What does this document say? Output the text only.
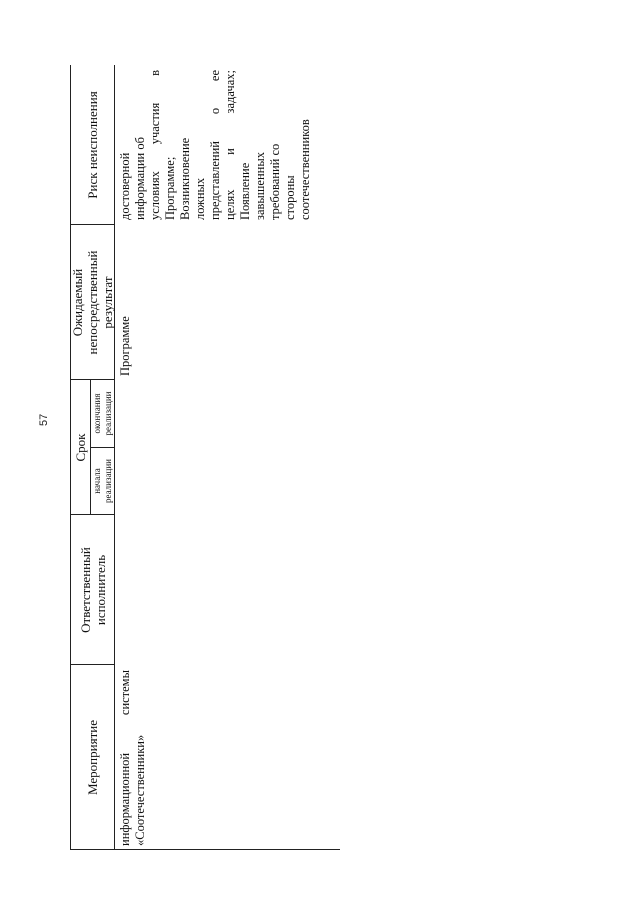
57
Мероприятие
Ответственный исполнитель
Срок
начала реализации
окончания реализации
Ожидаемый непосредственный результат
Риск неисполнения
информационной системы «Соотечественники»
Программе
достоверной информации об условиях участия в Программе; Возникновение ложных представлений о ее целях и задачах; Появление завышенных требований со стороны соотечественников
